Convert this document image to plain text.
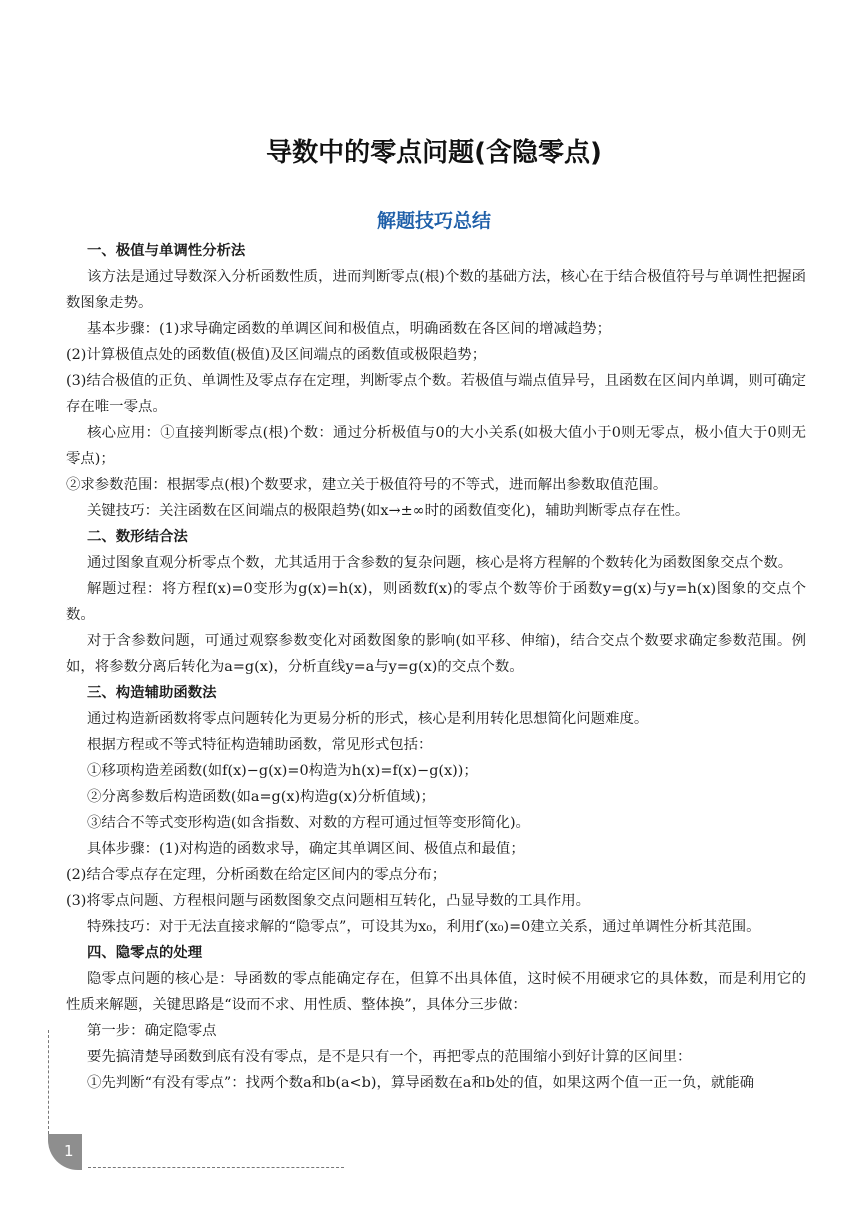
导数中的零点问题(含隐零点)
解题技巧总结

一、极值与单调性分析法

该方法是通过导数深入分析函数性质，进而判断零点(根)个数的基础方法，核心在于结合极值符号与单调性把握函数图象走势。

基本步骤：(1)求导确定函数的单调区间和极值点，明确函数在各区间的增减趋势；

(2)计算极值点处的函数值(极值)及区间端点的函数值或极限趋势；

(3)结合极值的正负、单调性及零点存在定理，判断零点个数。若极值与端点值异号，且函数在区间内单调，则可确定存在唯一零点。

核心应用：①直接判断零点(根)个数：通过分析极值与0的大小关系(如极大值小于0则无零点，极小值大于0则无零点)；

②求参数范围：根据零点(根)个数要求，建立关于极值符号的不等式，进而解出参数取值范围。

关键技巧：关注函数在区间端点的极限趋势(如x→±∞时的函数值变化)，辅助判断零点存在性。

二、数形结合法

通过图象直观分析零点个数，尤其适用于含参数的复杂问题，核心是将方程解的个数转化为函数图象交点个数。

解题过程：将方程f(x)=0变形为g(x)=h(x)，则函数f(x)的零点个数等价于函数y=g(x)与y=h(x)图象的交点个数。

对于含参数问题，可通过观察参数变化对函数图象的影响(如平移、伸缩)，结合交点个数要求确定参数范围。例如，将参数分离后转化为a=g(x)，分析直线y=a与y=g(x)的交点个数。

三、构造辅助函数法

通过构造新函数将零点问题转化为更易分析的形式，核心是利用转化思想简化问题难度。

根据方程或不等式特征构造辅助函数，常见形式包括：

①移项构造差函数(如f(x)−g(x)=0构造为h(x)=f(x)−g(x))；

②分离参数后构造函数(如a=g(x)构造g(x)分析值域)；

③结合不等式变形构造(如含指数、对数的方程可通过恒等变形简化)。

具体步骤：(1)对构造的函数求导，确定其单调区间、极值点和最值；

(2)结合零点存在定理，分析函数在给定区间内的零点分布；

(3)将零点问题、方程根问题与函数图象交点问题相互转化，凸显导数的工具作用。

特殊技巧：对于无法直接求解的“隐零点”，可设其为x₀，利用f′(x₀)=0建立关系，通过单调性分析其范围。

四、隐零点的处理

隐零点问题的核心是：导函数的零点能确定存在，但算不出具体值，这时候不用硬求它的具体数，而是利用它的性质来解题，关键思路是“设而不求、用性质、整体换”，具体分三步做：

第一步：确定隐零点

要先搞清楚导函数到底有没有零点，是不是只有一个，再把零点的范围缩小到好计算的区间里：

①先判断“有没有零点”：找两个数a和b(a<b)，算导函数在a和b处的值，如果这两个值一正一负，就能确

1
